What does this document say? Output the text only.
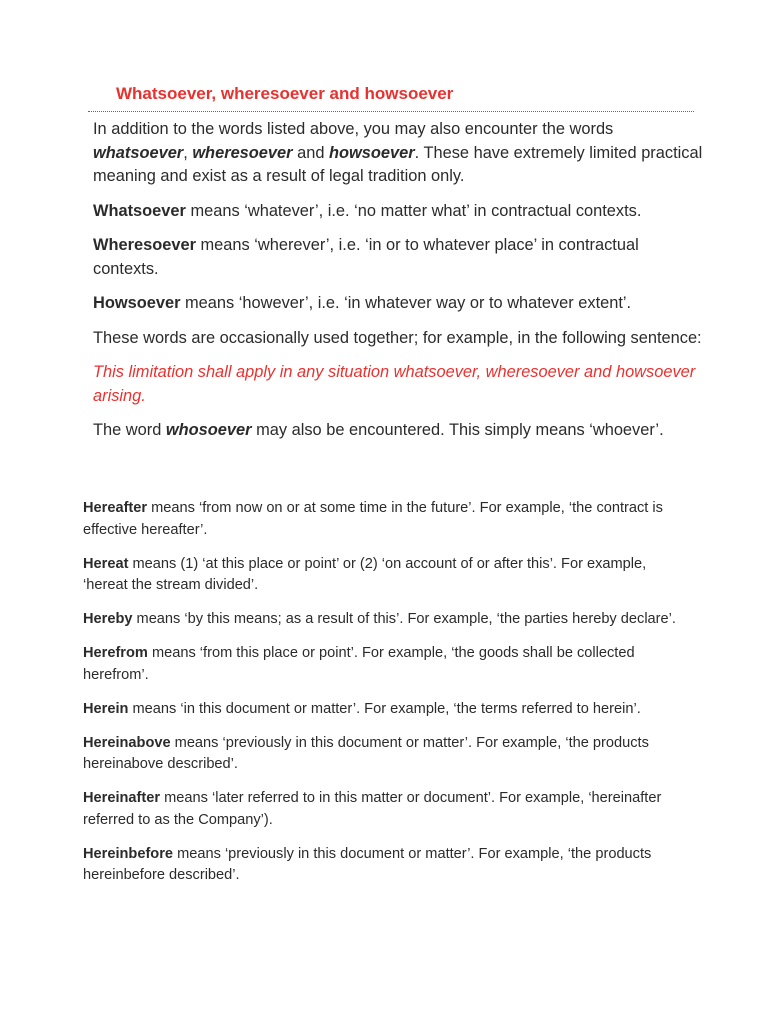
Whatsoever, wheresoever and howsoever

In addition to the words listed above, you may also encounter the words whatsoever, wheresoever and howsoever. These have extremely limited practical meaning and exist as a result of legal tradition only.

Whatsoever means ‘whatever’, i.e. ‘no matter what’ in contractual contexts.

Wheresoever means ‘wherever’, i.e. ‘in or to whatever place’ in contractual contexts.

Howsoever means ‘however’, i.e. ‘in whatever way or to whatever extent’.

These words are occasionally used together; for example, in the following sentence:

This limitation shall apply in any situation whatsoever, wheresoever and howsoever arising.

The word whosoever may also be encountered. This simply means ‘whoever’.

Hereafter means ‘from now on or at some time in the future’. For example, ‘the contract is effective hereafter’.

Hereat means (1) ‘at this place or point’ or (2) ‘on account of or after this’. For example, ‘hereat the stream divided’.

Hereby means ‘by this means; as a result of this’. For example, ‘the parties hereby declare’.

Herefrom means ‘from this place or point’. For example, ‘the goods shall be collected herefrom’.

Herein means ‘in this document or matter’. For example, ‘the terms referred to herein’.

Hereinabove means ‘previously in this document or matter’. For example, ‘the products hereinabove described’.

Hereinafter means ‘later referred to in this matter or document’. For example, ‘hereinafter referred to as the Company’).

Hereinbefore means ‘previously in this document or matter’. For example, ‘the products hereinbefore described’.
